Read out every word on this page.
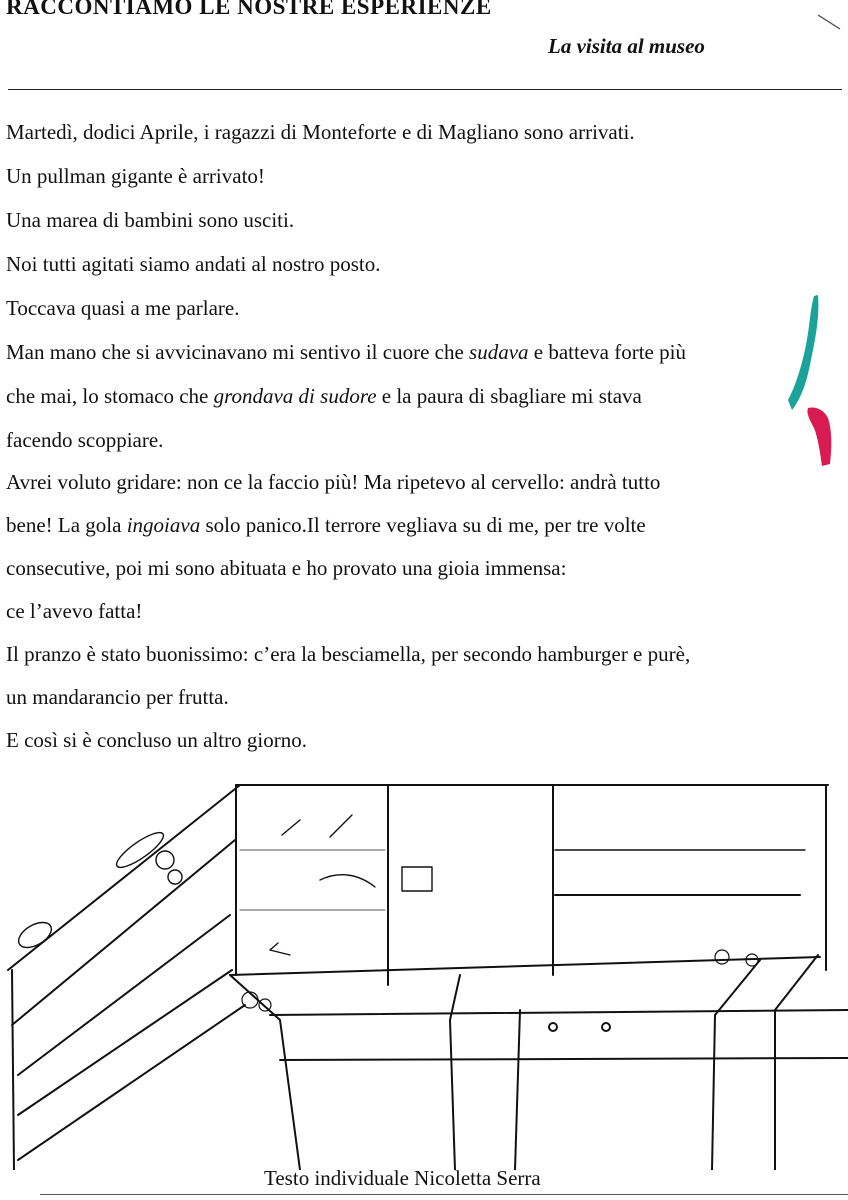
RACCONTIAMO LE NOSTRE ESPERIENZE
La visita al museo
Martedì, dodici Aprile, i ragazzi di Monteforte e di Magliano sono arrivati.
Un pullman gigante è arrivato!
Una marea di bambini sono usciti.
Noi tutti agitati siamo andati al nostro posto.
Toccava quasi a me parlare.
Man mano che si avvicinavano mi sentivo il cuore che sudava e batteva forte più
che mai, lo stomaco che grondava di sudore e la paura di sbagliare mi stava
facendo scoppiare.
Avrei voluto gridare: non ce la faccio più! Ma ripetevo al cervello: andrà tutto
bene! La gola ingoiava solo panico.Il terrore vegliava su di me, per tre volte
consecutive, poi mi sono abituata e ho provato una gioia immensa:
ce l’avevo fatta!
Il pranzo è stato buonissimo: c’era la besciamella, per secondo hamburger e purè,
un mandarancio per frutta.
E così si è concluso un altro giorno.
Testo individuale Nicoletta Serra
